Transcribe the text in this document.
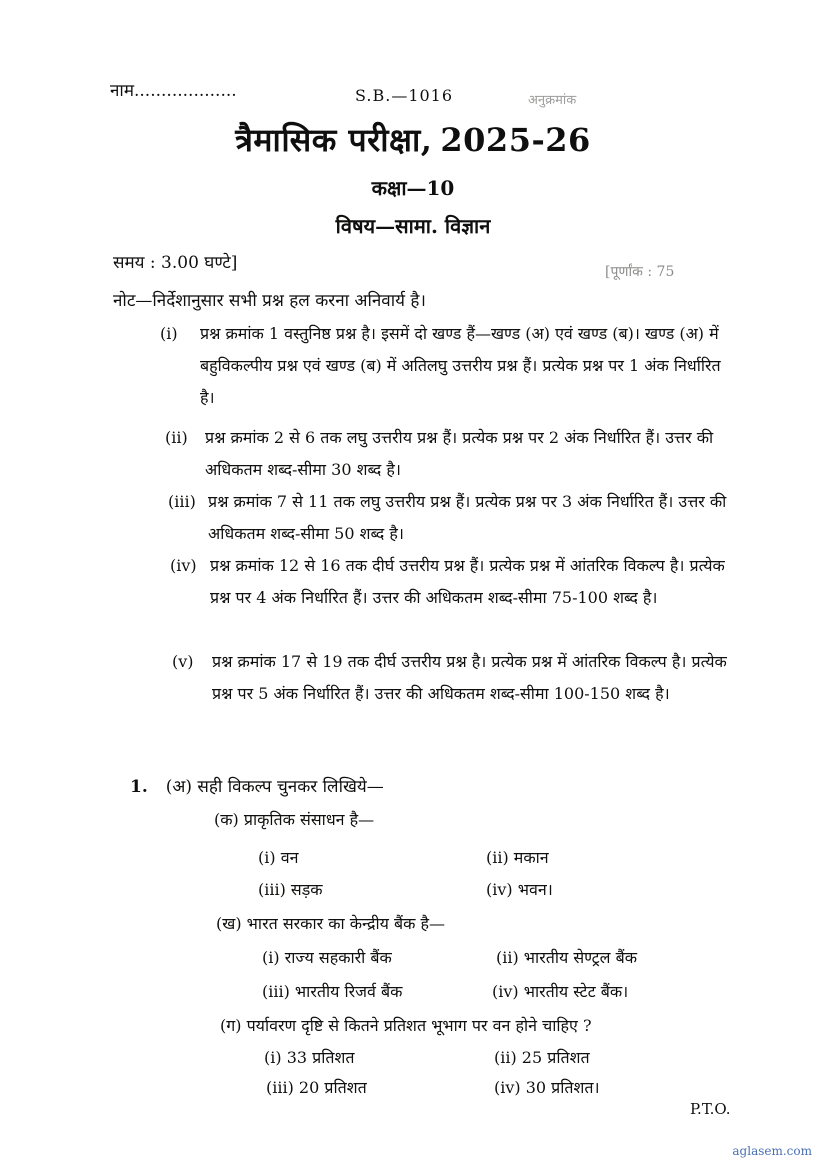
नाम...................	S.B.—1016	अनुक्रमांक
त्रैमासिक परीक्षा, 2025-26
कक्षा—10
विषय—सामा. विज्ञान
समय : 3.00 घण्टे]	[पूर्णांक : 75
नोट—निर्देशानुसार सभी प्रश्न हल करना अनिवार्य है।
(i)	प्रश्न क्रमांक 1 वस्तुनिष्ठ प्रश्न है। इसमें दो खण्ड हैं—खण्ड (अ) एवं खण्ड (ब)। खण्ड (अ) में बहुविकल्पीय प्रश्न एवं खण्ड (ब) में अतिलघु उत्तरीय प्रश्न हैं। प्रत्येक प्रश्न पर 1 अंक निर्धारित है।
(ii)	प्रश्न क्रमांक 2 से 6 तक लघु उत्तरीय प्रश्न हैं। प्रत्येक प्रश्न पर 2 अंक निर्धारित हैं। उत्तर की अधिकतम शब्द-सीमा 30 शब्द है।
(iii) प्रश्न क्रमांक 7 से 11 तक लघु उत्तरीय प्रश्न हैं। प्रत्येक प्रश्न पर 3 अंक निर्धारित हैं। उत्तर की अधिकतम शब्द-सीमा 50 शब्द है।
(iv) प्रश्न क्रमांक 12 से 16 तक दीर्घ उत्तरीय प्रश्न हैं। प्रत्येक प्रश्न में आंतरिक विकल्प है। प्रत्येक प्रश्न पर 4 अंक निर्धारित हैं। उत्तर की अधिकतम शब्द-सीमा 75-100 शब्द है।
(v)	प्रश्न क्रमांक 17 से 19 तक दीर्घ उत्तरीय प्रश्न है। प्रत्येक प्रश्न में आंतरिक विकल्प है। प्रत्येक प्रश्न पर 5 अंक निर्धारित हैं। उत्तर की अधिकतम शब्द-सीमा 100-150 शब्द है।
1. (अ) सही विकल्प चुनकर लिखिये—
(क) प्राकृतिक संसाधन है—
(i) वन	(ii) मकान
(iii) सड़क	(iv) भवन।
(ख) भारत सरकार का केन्द्रीय बैंक है—
(i) राज्य सहकारी बैंक	(ii) भारतीय सेण्ट्रल बैंक
(iii) भारतीय रिजर्व बैंक	(iv) भारतीय स्टेट बैंक।
(ग) पर्यावरण दृष्टि से कितने प्रतिशत भूभाग पर वन होने चाहिए ?
(i) 33 प्रतिशत	(ii) 25 प्रतिशत
(iii) 20 प्रतिशत	(iv) 30 प्रतिशत।
P.T.O.
aglasem.com
